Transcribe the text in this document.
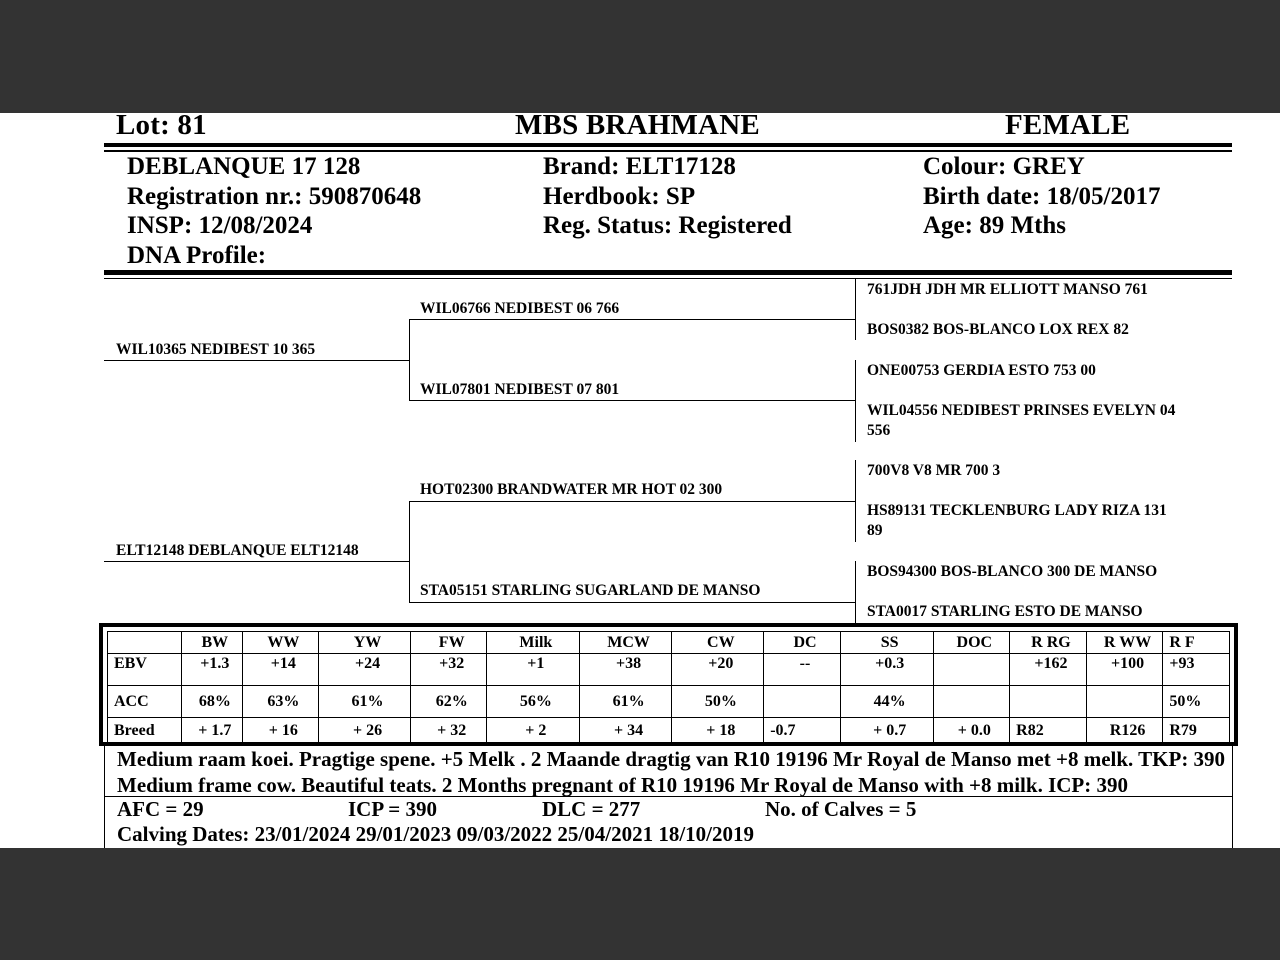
Lot: 81	MBS BRAHMANE	FEMALE
DEBLANQUE 17 128
Registration nr.: 590870648
INSP: 12/08/2024
DNA Profile:
Brand: ELT17128
Herdbook: SP
Reg. Status: Registered
Colour: GREY
Birth date: 18/05/2017
Age: 89 Mths
WIL10365 NEDIBEST 10 365
ELT12148 DEBLANQUE ELT12148
WIL06766 NEDIBEST 06 766
WIL07801 NEDIBEST 07 801
HOT02300 BRANDWATER MR HOT 02 300
STA05151 STARLING SUGARLAND DE MANSO
761JDH JDH MR ELLIOTT MANSO 761
BOS0382 BOS-BLANCO LOX REX 82
ONE00753 GERDIA ESTO 753 00
WIL04556 NEDIBEST PRINSES EVELYN 04
556
700V8 V8 MR 700 3
HS89131 TECKLENBURG LADY RIZA 131
89
BOS94300 BOS-BLANCO 300 DE MANSO
STA0017 STARLING ESTO DE MANSO
	BW	WW	YW	FW	Milk	MCW	CW	DC	SS	DOC	R RG	R WW	R F
EBV	+1.3	+14	+24	+32	+1	+38	+20	--	+0.3		+162	+100	+93
ACC	68%	63%	61%	62%	56%	61%	50%		44%				50%
Breed	+ 1.7	+ 16	+ 26	+ 32	+ 2	+ 34	+ 18	-0.7	+ 0.7	+ 0.0	R82	R126	R79
Medium raam koei. Pragtige spene. +5 Melk . 2 Maande dragtig van R10 19196 Mr Royal de Manso met +8 melk. TKP: 390 Medium frame cow. Beautiful teats. 2 Months pregnant of R10 19196 Mr Royal de Manso with +8 milk. ICP: 390
AFC = 29	ICP = 390	DLC = 277	No. of Calves = 5
Calving Dates: 23/01/2024 29/01/2023 09/03/2022 25/04/2021 18/10/2019
